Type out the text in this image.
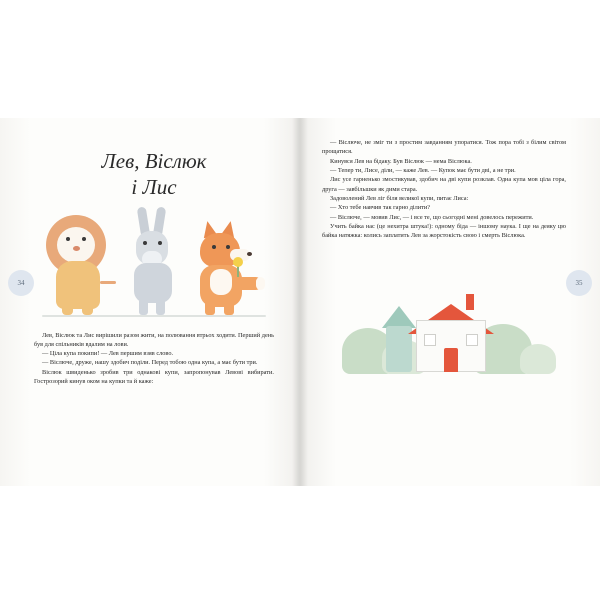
Лев, Віслюк
і Лис

Лев, Віслюк та Лис вирішили разом жити, на полювання втрьох ходити. Перший день був для спільників вдалим на лови.

— Ціла купа покипи! — Лев першим взяв слово.

— Віслюче, друже, нашу здобич поділи. Перед тобою одна купа, а має бути три.

Віслюк швиденько зробив три однакові купи, запропонував Левові вибирати. Гострозорий кинув оком на купки та й каже:

— Віслюче, не зміг ти з простим завданням упоратися. Тож пора тобі з білим світом прощатися.

Кинувся Лев на бідаку. Був Віслюк — нема Віслюка.

— Тепер ти, Лисе, діли, — каже Лев. — Купок має бути дві, а не три.

Лис усе гарненько змостикував, здобич на дві купи розклав. Одна купа мов ціла гора, друга — завбільшки як дими стара.

Задоволений Лев ліг біля великої купи, питає Лиса:

— Хто тебе навчив так гарно ділити?

— Віслюче, — мовив Лис, — і все те, що сьогодні мені довелось пережити.

Учить байка нас (це нехитра штука!): одному біда — іншому наука. І ще на деяку цю байка натяжка: колись заплатить Лев за жорстокість свою і смерть Віслюка.

34	35
